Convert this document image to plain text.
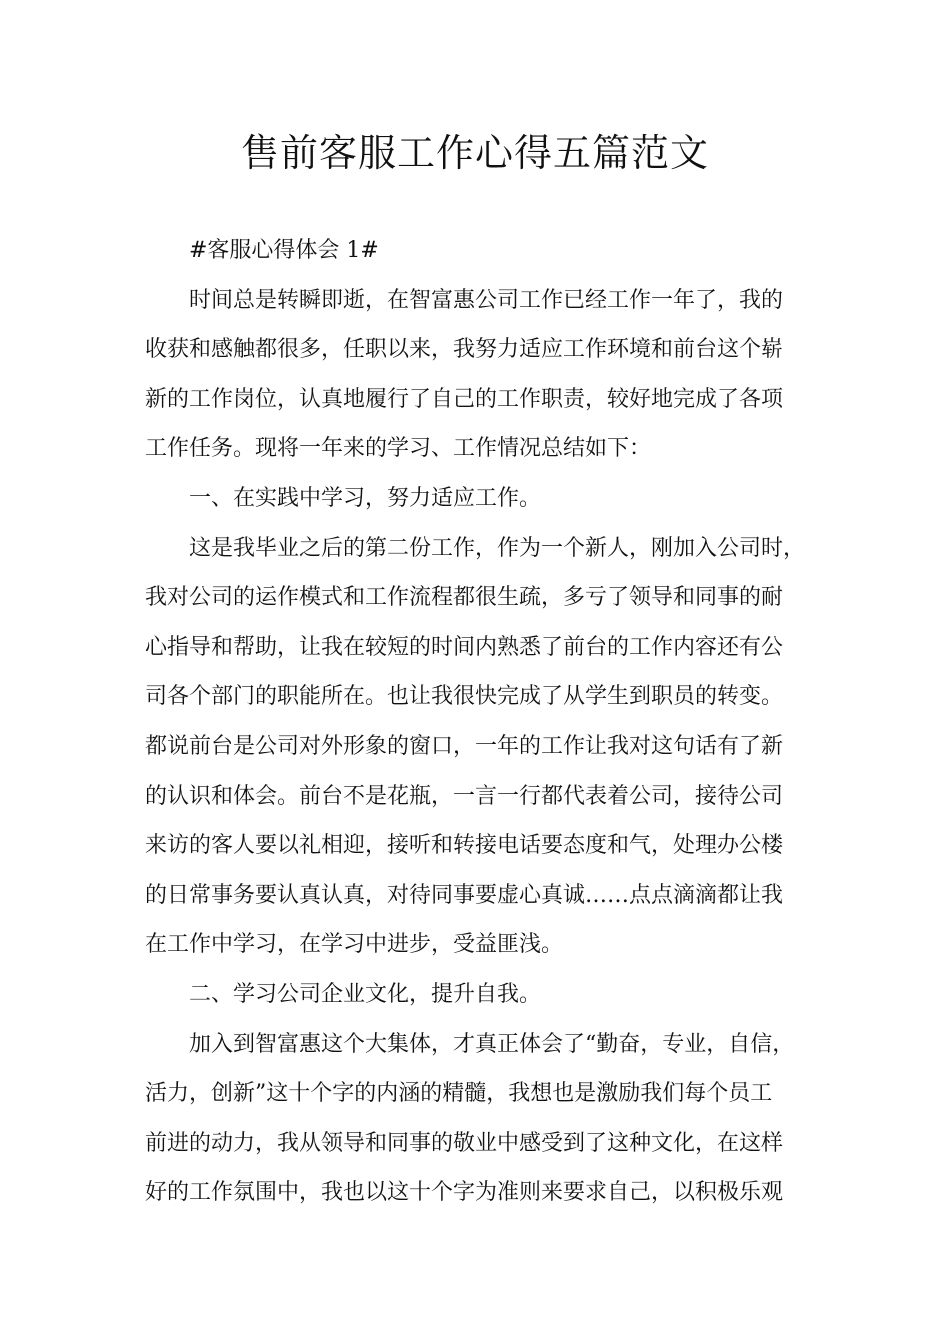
售前客服工作心得五篇范文
#客服心得体会 1#
时间总是转瞬即逝，在智富惠公司工作已经工作一年了，我的
收获和感触都很多，任职以来，我努力适应工作环境和前台这个崭
新的工作岗位，认真地履行了自己的工作职责，较好地完成了各项
工作任务。现将一年来的学习、工作情况总结如下：
一、在实践中学习，努力适应工作。
这是我毕业之后的第二份工作，作为一个新人，刚加入公司时，
我对公司的运作模式和工作流程都很生疏，多亏了领导和同事的耐
心指导和帮助，让我在较短的时间内熟悉了前台的工作内容还有公
司各个部门的职能所在。也让我很快完成了从学生到职员的转变。
都说前台是公司对外形象的窗口，一年的工作让我对这句话有了新
的认识和体会。前台不是花瓶，一言一行都代表着公司，接待公司
来访的客人要以礼相迎，接听和转接电话要态度和气，处理办公楼
的日常事务要认真认真，对待同事要虚心真诚……点点滴滴都让我
在工作中学习，在学习中进步，受益匪浅。
二、学习公司企业文化，提升自我。
加入到智富惠这个大集体，才真正体会了“勤奋，专业，自信，
活力，创新”这十个字的内涵的精髓，我想也是激励我们每个员工
前进的动力，我从领导和同事的敬业中感受到了这种文化，在这样
好的工作氛围中，我也以这十个字为准则来要求自己，以积极乐观
